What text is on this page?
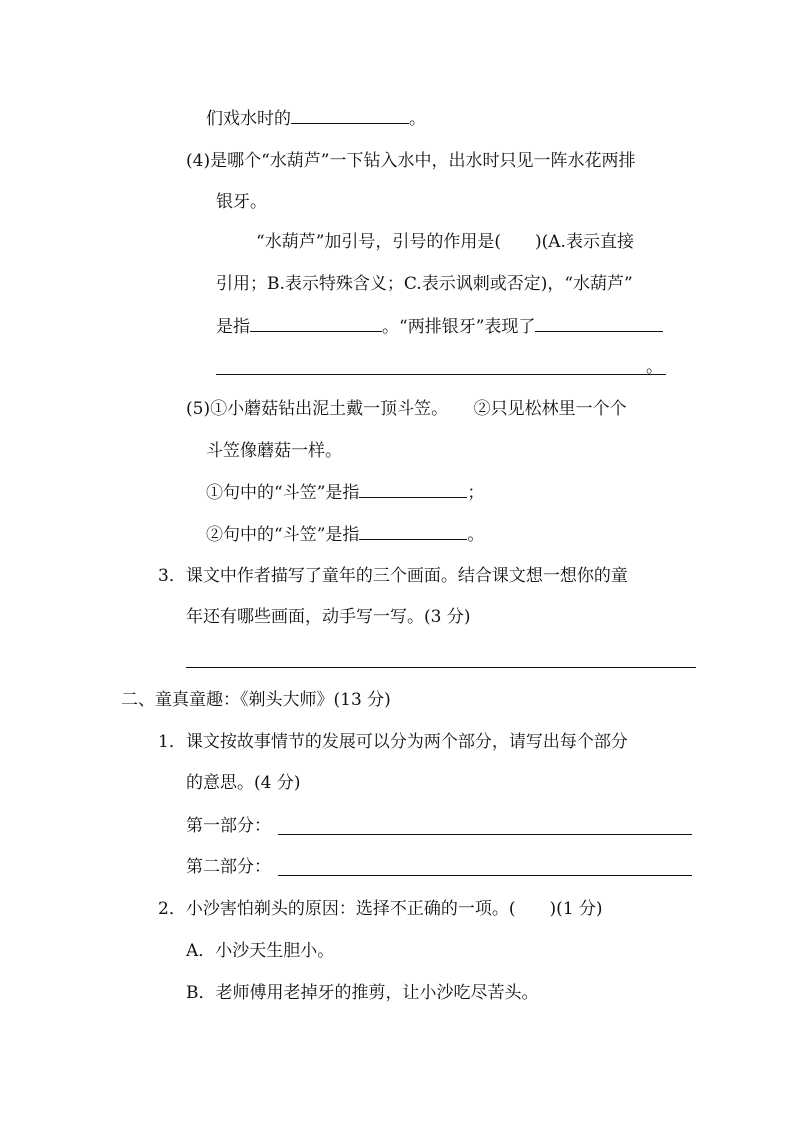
们戏水时的	。
(4)是哪个“水葫芦”一下钻入水中，出水时只见一阵水花两排
银牙。
“水葫芦”加引号，引号的作用是(　　)(A.表示直接
引用；B.表示特殊含义；C.表示讽刺或否定)，“水葫芦”
是指	。“两排银牙”表现了
。
(5)①小蘑菇钻出泥土戴一顶斗笠。　　②只见松林里一个个
斗笠像蘑菇一样。
①句中的“斗笠”是指	；
②句中的“斗笠”是指	。
3．课文中作者描写了童年的三个画面。结合课文想一想你的童
年还有哪些画面，动手写一写。(3 分)
二、童真童趣：《剃头大师》(13 分)
1．课文按故事情节的发展可以分为两个部分，请写出每个部分
的意思。(4 分)
第一部分：
第二部分：
2．小沙害怕剃头的原因：选择不正确的一项。(　　)(1 分)
A．小沙天生胆小。
B．老师傅用老掉牙的推剪，让小沙吃尽苦头。
